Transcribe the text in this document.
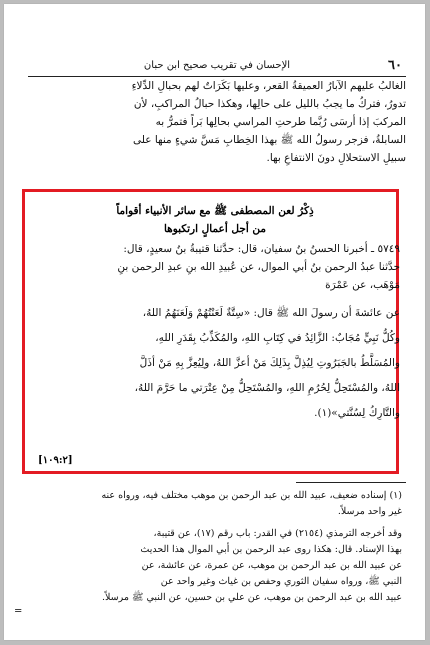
٦٠
الإحسان في تقريب صحيح ابن حبان
الغالبُ عليهم الآبارُ العميقةُ القعر، وعليها بَكَرَاتٌ لهم بحبالِ الدِّلاءِ
تدورُ، فتركُ ما يجبُ بالليل على حالِها، وهكذا حبالُ المراكبِ، لأن
المركبَ إذا أرسَى رُبَّما طرحتِ المراسي بحالِها بَراً فتمرُّ به
السابلةُ، فزجر رسولُ الله ﷺ بهذا الخِطابِ مَسَّ شيءٍ منها على
سبيلِ الاستحلالِ دونَ الانتفاعِ بها.
ذِكْرُ لعن المصطفى ﷺ مع سائر الأنبياء أقواماً
من أجل أعمالٍ ارتكبوها
٥٧٤٩ ـ أخبرنا الحسنُ بنُ سفيان، قال: حدَّثنا قتيبةُ بنُ سعيدٍ، قال:
حدَّثنا عبدُ الرحمن بنُ أبي الموال، عن عُبيدِ الله بنِ عبدِ الرحمن بنِ
مَوْهَب، عن عَمْرَة
عن عائشةَ أن رسولَ الله ﷺ قال: «سِتَّةٌ لَعَنْتُهُمْ وَلَعَنَهُمُ اللهُ،
وكُلُّ نَبِيٍّ مُجَابٌ: الزَّائِدُ في كِتَابِ اللهِ، والمُكَذِّبُ بِقَدَرِ اللهِ،
والمُسَلَّطُ بالجَبَرُوتِ لِيُذِلَّ بِذَلِكَ مَنْ أعزَّ اللهُ، ولِيُعِزَّ بِهِ مَنْ أذَلَّ
اللهُ، والمُسْتَحِلُّ لِحُرُمِ اللهِ، والمُسْتَحِلُّ مِنْ عِتْرَتي ما حَرَّمَ اللهُ،
والتَّارِكُ لِسُنَّتي»(١).
[١٠٩:٢]
(١) إسناده ضعيف، عبيد الله بن عبد الرحمن بن موهب مختلف فيه، ورواه عنه
غير واحد مرسلاً.
وقد أخرجه الترمذي (٢١٥٤) في القدر: باب رقم (١٧)، عن قتيبة،
بهذا الإسناد. قال: هكذا روى عبد الرحمن بن أبي الموال هذا الحديث
عن عبيد الله بن عبد الرحمن بن موهب، عن عمرة، عن عائشة، عن
النبي ﷺ، ورواه سفيان الثوري وحفص بن غياث وغير واحد عن
عبيد الله بن عبد الرحمن بن موهب، عن علي بن حسين، عن النبي ﷺ مرسلاً.
=
